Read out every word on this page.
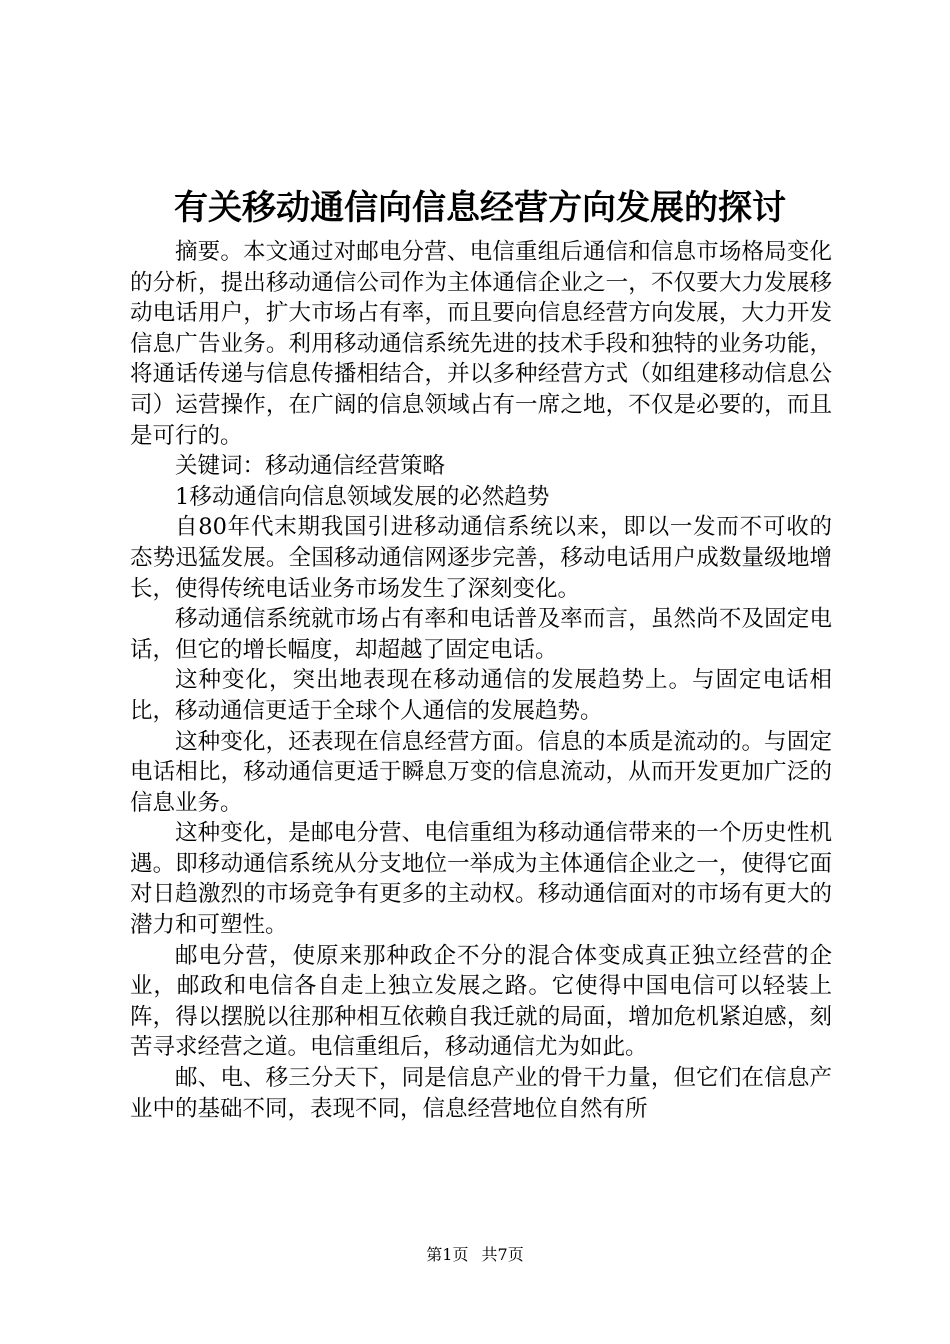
有关移动通信向信息经营方向发展的探讨

摘要。本文通过对邮电分营、电信重组后通信和信息市场格局变化的分析，提出移动通信公司作为主体通信企业之一，不仅要大力发展移动电话用户，扩大市场占有率，而且要向信息经营方向发展，大力开发信息广告业务。利用移动通信系统先进的技术手段和独特的业务功能，将通话传递与信息传播相结合，并以多种经营方式（如组建移动信息公司）运营操作，在广阔的信息领域占有一席之地，不仅是必要的，而且是可行的。

关键词：移动通信经营策略

1移动通信向信息领域发展的必然趋势

自80年代末期我国引进移动通信系统以来，即以一发而不可收的态势迅猛发展。全国移动通信网逐步完善，移动电话用户成数量级地增长，使得传统电话业务市场发生了深刻变化。

移动通信系统就市场占有率和电话普及率而言，虽然尚不及固定电话，但它的增长幅度，却超越了固定电话。

这种变化，突出地表现在移动通信的发展趋势上。与固定电话相比，移动通信更适于全球个人通信的发展趋势。

这种变化，还表现在信息经营方面。信息的本质是流动的。与固定电话相比，移动通信更适于瞬息万变的信息流动，从而开发更加广泛的信息业务。

这种变化，是邮电分营、电信重组为移动通信带来的一个历史性机遇。即移动通信系统从分支地位一举成为主体通信企业之一，使得它面对日趋激烈的市场竞争有更多的主动权。移动通信面对的市场有更大的潜力和可塑性。

邮电分营，使原来那种政企不分的混合体变成真正独立经营的企业，邮政和电信各自走上独立发展之路。它使得中国电信可以轻装上阵，得以摆脱以往那种相互依赖自我迁就的局面，增加危机紧迫感，刻苦寻求经营之道。电信重组后，移动通信尤为如此。

邮、电、移三分天下，同是信息产业的骨干力量，但它们在信息产业中的基础不同，表现不同，信息经营地位自然有所

第1页 共7页
